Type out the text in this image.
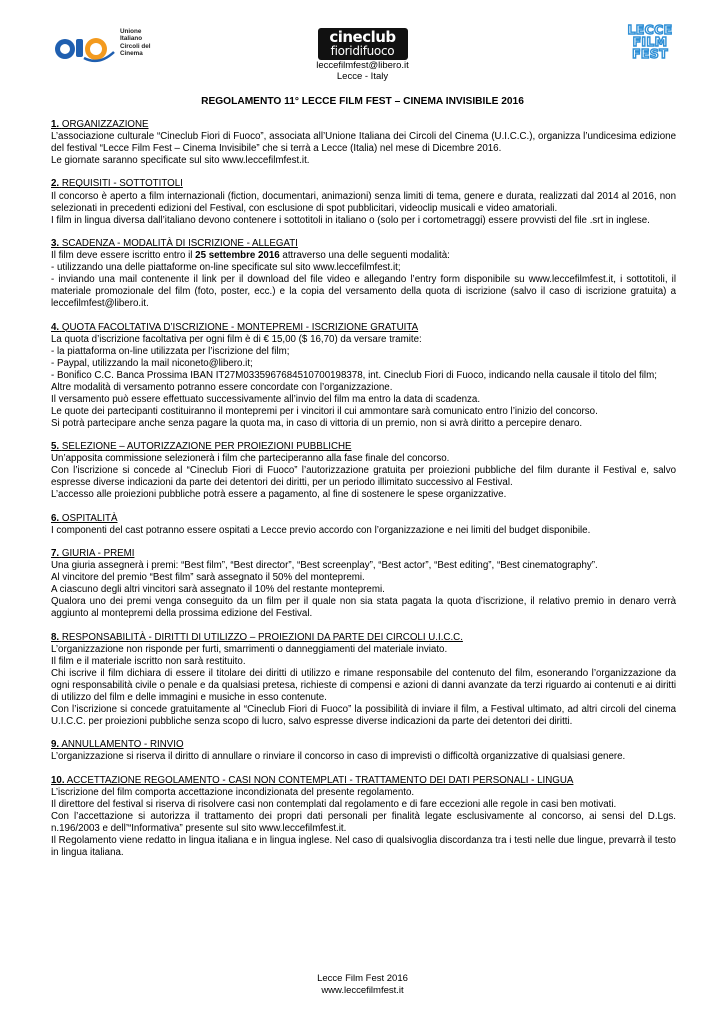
Unione
Italiano
Circoli del
Cinema
cineclub
fioridifuoco
leccefilmfest@libero.it
Lecce - Italy
LECCE
FILM
FEST
REGOLAMENTO 11° LECCE FILM FEST – CINEMA INVISIBILE 2016
1. ORGANIZZAZIONE
L’associazione culturale “Cineclub Fiori di Fuoco”, associata all’Unione Italiana dei Circoli del Cinema (U.I.C.C.), organizza l’undicesima edizione del festival “Lecce Film Fest – Cinema Invisibile” che si terrà a Lecce (Italia) nel mese di Dicembre 2016.
Le giornate saranno specificate sul sito www.leccefilmfest.it.
2. REQUISITI - SOTTOTITOLI
Il concorso è aperto a film internazionali (fiction, documentari, animazioni) senza limiti di tema, genere e durata, realizzati dal 2014 al 2016, non selezionati in precedenti edizioni del Festival, con esclusione di spot pubblicitari, videoclip musicali e video amatoriali.
I film in lingua diversa dall’italiano devono contenere i sottotitoli in italiano o (solo per i cortometraggi) essere provvisti del file .srt in inglese.
3. SCADENZA - MODALITÀ DI ISCRIZIONE - ALLEGATI
Il film deve essere iscritto entro il 25 settembre 2016 attraverso una delle seguenti modalità:
- utilizzando una delle piattaforme on-line specificate sul sito www.leccefilmfest.it;
- inviando una mail contenente il link per il download del file video e allegando l’entry form disponibile su www.leccefilmfest.it, i sottotitoli, il materiale promozionale del film (foto, poster, ecc.) e la copia del versamento della quota di iscrizione (salvo il caso di iscrizione gratuita) a leccefilmfest@libero.it.
4. QUOTA FACOLTATIVA D’ISCRIZIONE - MONTEPREMI - ISCRIZIONE GRATUITA
La quota d’iscrizione facoltativa per ogni film è di € 15,00 ($ 16,70) da versare tramite:
- la piattaforma on-line utilizzata per l’iscrizione del film;
- Paypal, utilizzando la mail niconeto@libero.it;
- Bonifico C.C. Banca Prossima IBAN IT27M0335967684510700198378, int. Cineclub Fiori di Fuoco, indicando nella causale il titolo del film;
Altre modalità di versamento potranno essere concordate con l’organizzazione.
Il versamento può essere effettuato successivamente all’invio del film ma entro la data di scadenza.
Le quote dei partecipanti costituiranno il montepremi per i vincitori il cui ammontare sarà comunicato entro l’inizio del concorso.
Si potrà partecipare anche senza pagare la quota ma, in caso di vittoria di un premio, non si avrà diritto a percepire denaro.
5. SELEZIONE – AUTORIZZAZIONE PER PROIEZIONI PUBBLICHE
Un’apposita commissione selezionerà i film che parteciperanno alla fase finale del concorso.
Con l’iscrizione si concede al “Cineclub Fiori di Fuoco” l’autorizzazione gratuita per proiezioni pubbliche del film durante il Festival e, salvo espresse diverse indicazioni da parte dei detentori dei diritti, per un periodo illimitato successivo al Festival.
L’accesso alle proiezioni pubbliche potrà essere a pagamento, al fine di sostenere le spese organizzative.
6. OSPITALITÀ
I componenti del cast potranno essere ospitati a Lecce previo accordo con l’organizzazione e nei limiti del budget disponibile.
7. GIURIA - PREMI
Una giuria assegnerà i premi: “Best film”, “Best director”, “Best screenplay”, “Best actor”, “Best editing”, “Best cinematography”.
Al vincitore del premio “Best film” sarà assegnato il 50% del montepremi.
A ciascuno degli altri vincitori sarà assegnato il 10% del restante montepremi.
Qualora uno dei premi venga conseguito da un film per il quale non sia stata pagata la quota d’iscrizione, il relativo premio in denaro verrà aggiunto al montepremi della prossima edizione del Festival.
8. RESPONSABILITÀ - DIRITTI DI UTILIZZO – PROIEZIONI DA PARTE DEI CIRCOLI U.I.C.C.
L’organizzazione non risponde per furti, smarrimenti o danneggiamenti del materiale inviato.
Il film e il materiale iscritto non sarà restituito.
Chi iscrive il film dichiara di essere il titolare dei diritti di utilizzo e rimane responsabile del contenuto del film, esonerando l’organizzazione da ogni responsabilità civile o penale e da qualsiasi pretesa, richieste di compensi e azioni di danni avanzate da terzi riguardo ai contenuti e ai diritti di utilizzo del film e delle immagini e musiche in esso contenute.
Con l’iscrizione si concede gratuitamente al “Cineclub Fiori di Fuoco” la possibilità di inviare il film, a Festival ultimato, ad altri circoli del cinema U.I.C.C. per proiezioni pubbliche senza scopo di lucro, salvo espresse diverse indicazioni da parte dei detentori dei diritti.
9. ANNULLAMENTO - RINVIO
L’organizzazione si riserva il diritto di annullare o rinviare il concorso in caso di imprevisti o difficoltà organizzative di qualsiasi genere.
10. ACCETTAZIONE REGOLAMENTO - CASI NON CONTEMPLATI - TRATTAMENTO DEI DATI PERSONALI - LINGUA
L’iscrizione del film comporta accettazione incondizionata del presente regolamento.
Il direttore del festival si riserva di risolvere casi non contemplati dal regolamento e di fare eccezioni alle regole in casi ben motivati.
Con l’accettazione si autorizza il trattamento dei propri dati personali per finalità legate esclusivamente al concorso, ai sensi del D.Lgs. n.196/2003 e dell’“Informativa” presente sul sito www.leccefilmfest.it.
Il Regolamento viene redatto in lingua italiana e in lingua inglese. Nel caso di qualsivoglia discordanza tra i testi nelle due lingue, prevarrà il testo in lingua italiana.
Lecce Film Fest 2016
www.leccefilmfest.it
